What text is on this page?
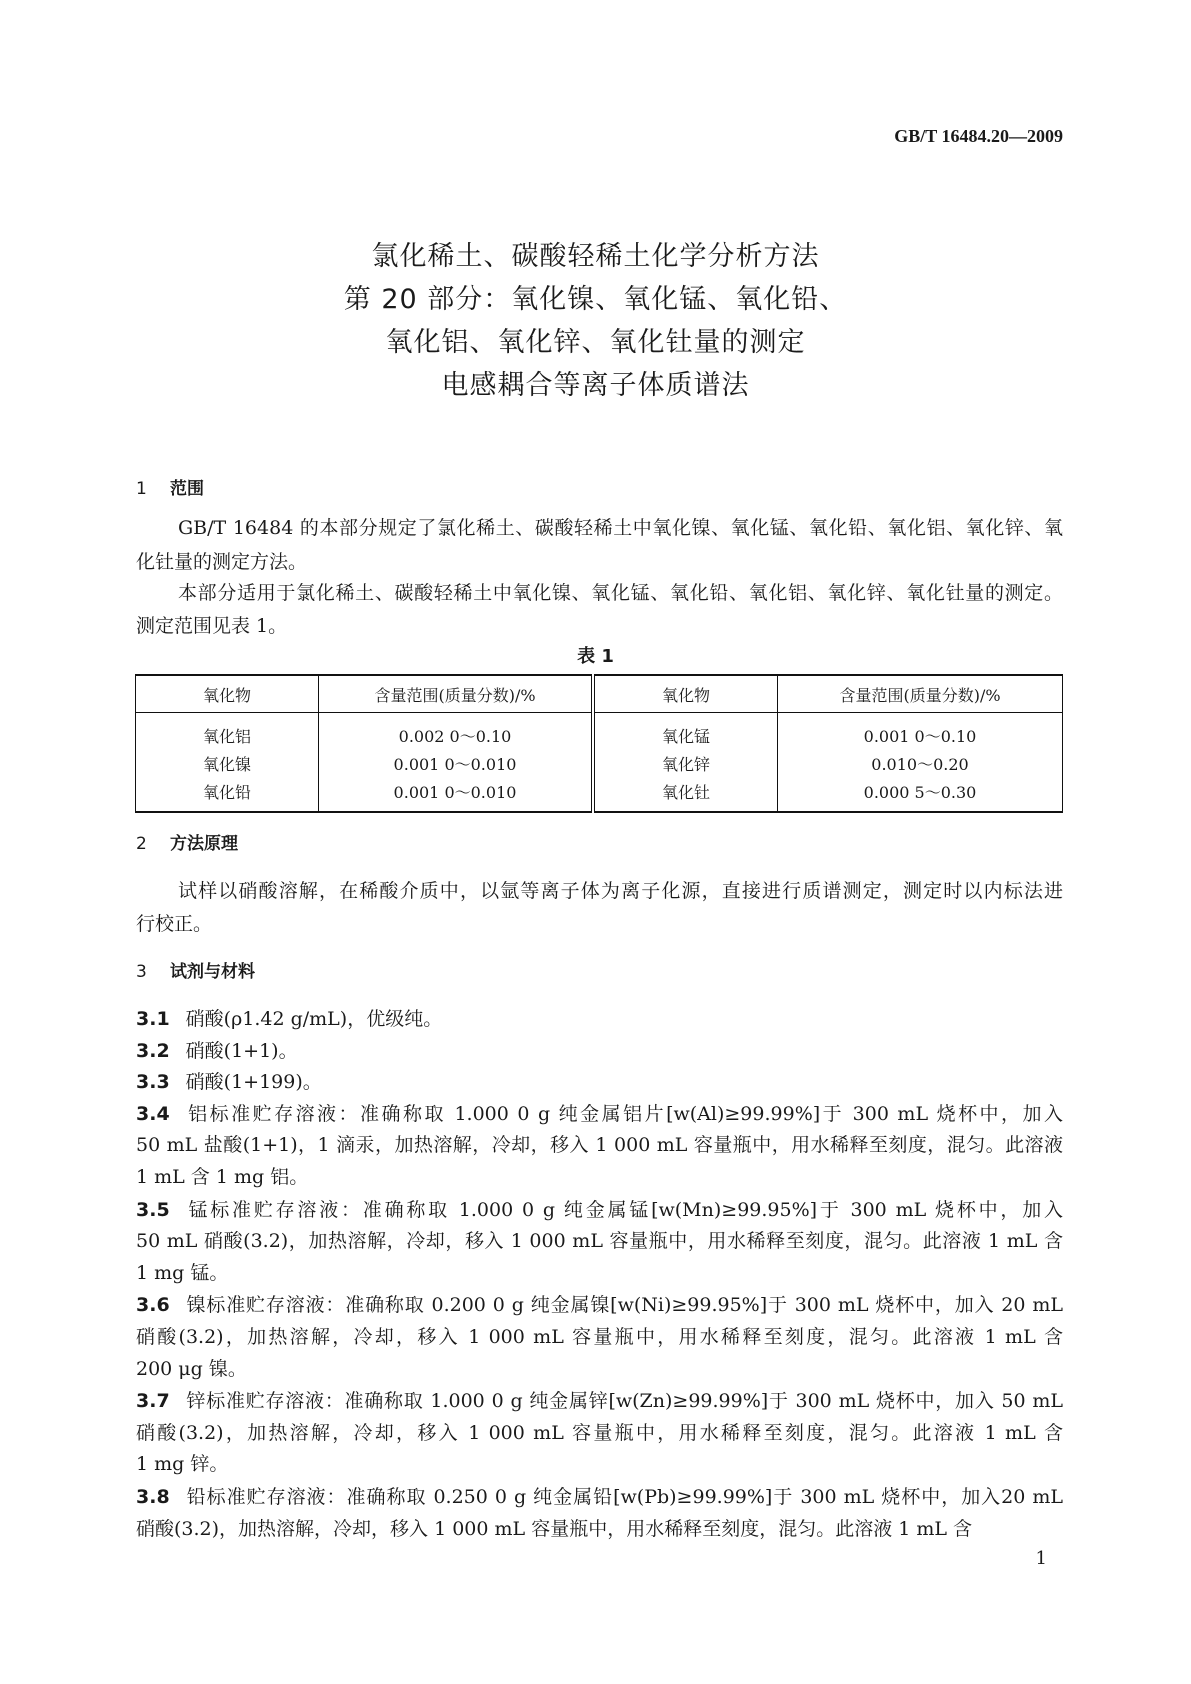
GB/T 16484.20—2009
氯化稀土、碳酸轻稀土化学分析方法
第 20 部分：氧化镍、氧化锰、氧化铅、
氧化铝、氧化锌、氧化钍量的测定
电感耦合等离子体质谱法
1 范围
GB/T 16484 的本部分规定了氯化稀土、碳酸轻稀土中氧化镍、氧化锰、氧化铅、氧化铝、氧化锌、氧
化钍量的测定方法。
本部分适用于氯化稀土、碳酸轻稀土中氧化镍、氧化锰、氧化铅、氧化铝、氧化锌、氧化钍量的测定。
测定范围见表 1。
表 1
氧化物	含量范围(质量分数)/%	氧化物	含量范围(质量分数)/%
氧化铝	0.002 0～0.10	氧化锰	0.001 0～0.10
氧化镍	0.001 0～0.010	氧化锌	0.010～0.20
氧化铅	0.001 0～0.010	氧化钍	0.000 5～0.30
2 方法原理
试样以硝酸溶解，在稀酸介质中，以氩等离子体为离子化源，直接进行质谱测定，测定时以内标法进
行校正。
3 试剂与材料
3.1 硝酸(ρ1.42 g/mL)，优级纯。
3.2 硝酸(1+1)。
3.3 硝酸(1+199)。
3.4 铝标准贮存溶液：准确称取 1.000 0 g 纯金属铝片[w(Al)≥99.99%]于 300 mL 烧杯中，加入
50 mL 盐酸(1+1)，1 滴汞，加热溶解，冷却，移入 1 000 mL 容量瓶中，用水稀释至刻度，混匀。此溶液
1 mL 含 1 mg 铝。
3.5 锰标准贮存溶液：准确称取 1.000 0 g 纯金属锰[w(Mn)≥99.95%]于 300 mL 烧杯中，加入
50 mL 硝酸(3.2)，加热溶解，冷却，移入 1 000 mL 容量瓶中，用水稀释至刻度，混匀。此溶液 1 mL 含
1 mg 锰。
3.6 镍标准贮存溶液：准确称取 0.200 0 g 纯金属镍[w(Ni)≥99.95%]于 300 mL 烧杯中，加入 20 mL
硝酸(3.2)，加热溶解，冷却，移入 1 000 mL 容量瓶中，用水稀释至刻度，混匀。此溶液 1 mL 含
200 μg 镍。
3.7 锌标准贮存溶液：准确称取 1.000 0 g 纯金属锌[w(Zn)≥99.99%]于 300 mL 烧杯中，加入 50 mL
硝酸(3.2)，加热溶解，冷却，移入 1 000 mL 容量瓶中，用水稀释至刻度，混匀。此溶液 1 mL 含
1 mg 锌。
3.8 铅标准贮存溶液：准确称取 0.250 0 g 纯金属铅[w(Pb)≥99.99%]于 300 mL 烧杯中，加入20 mL
硝酸(3.2)，加热溶解，冷却，移入 1 000 mL 容量瓶中，用水稀释至刻度，混匀。此溶液 1 mL 含
1
